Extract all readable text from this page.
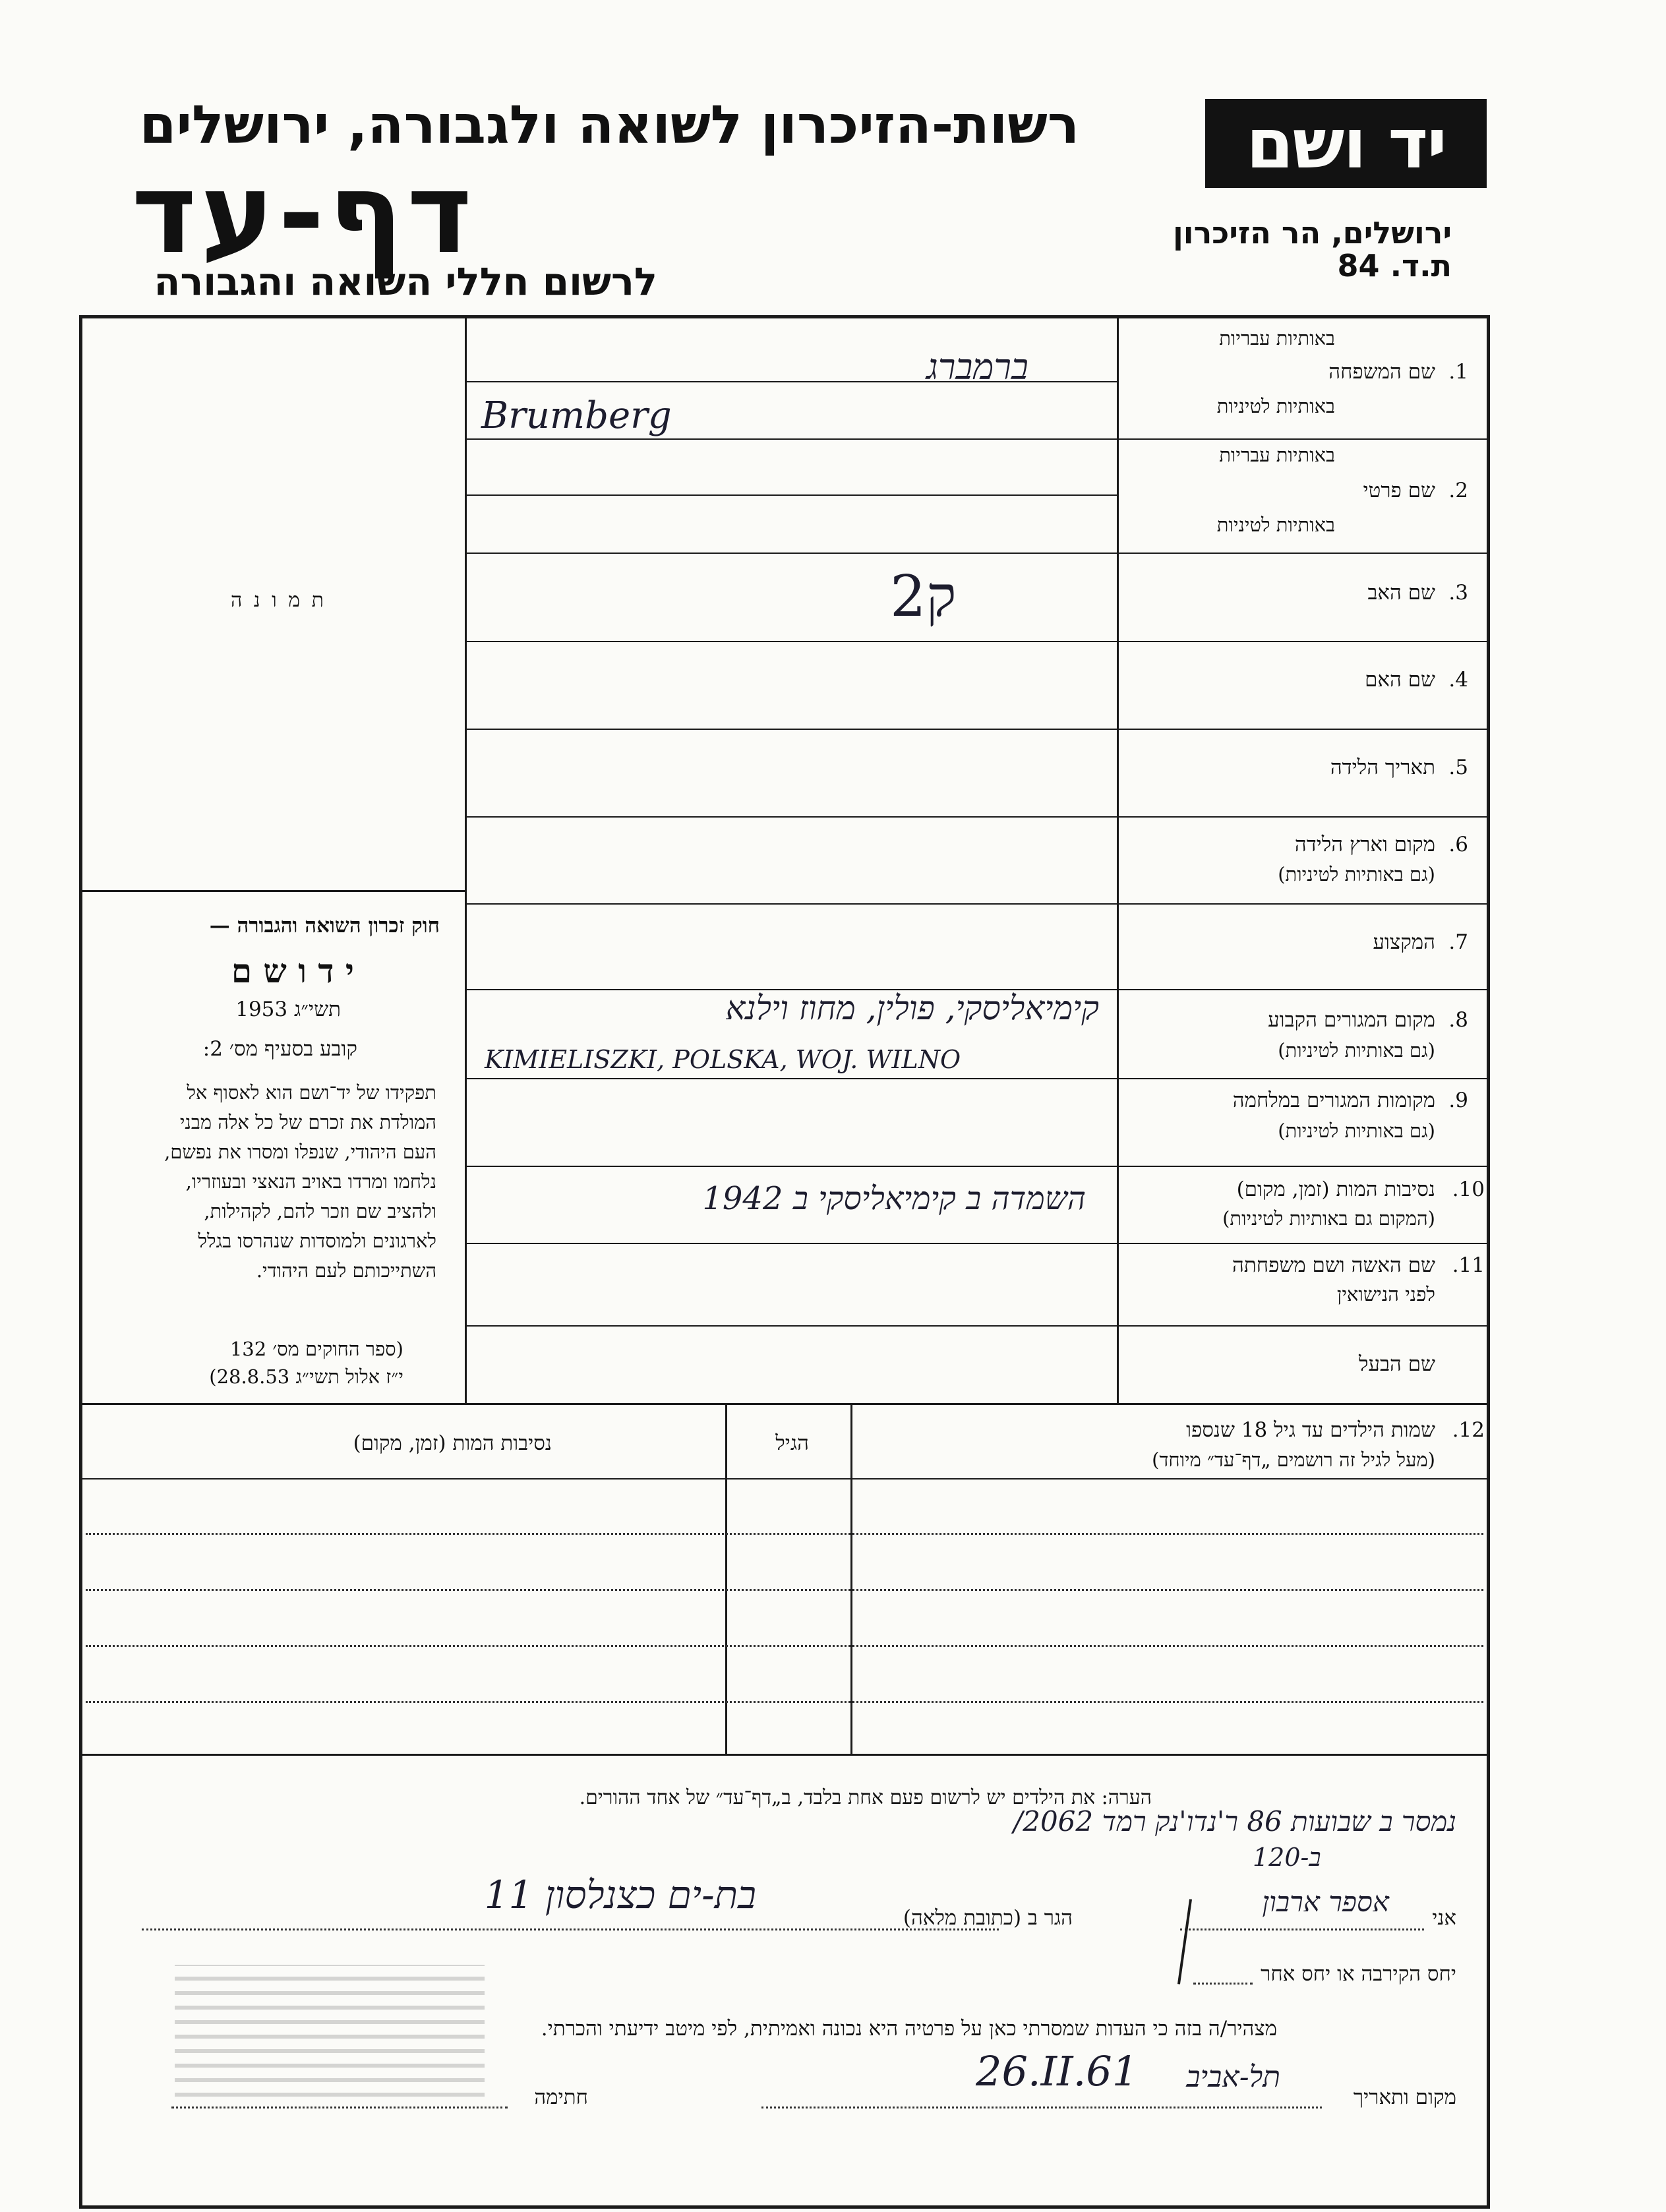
יד ושם
רשות-הזיכרון לשואה ולגבורה, ירושלים
דף-עד
לרשום חללי השואה והגבורה
ירושלים, הר הזיכרון
ת.ד. 84
ת מ ו נ ה
באותיות עבריות
1.
שם המשפחה
באותיות לטיניות
ברמברג
Brumberg
באותיות עבריות
2.
שם פרטי
באותיות לטיניות
3.
שם האב
2ק
4.
שם האם
5.
תאריך הלידה
6.
מקום וארץ הלידה
(גם באותיות לטיניות)
7.
המקצוע
8.
מקום המגורים הקבוע
(גם באותיות לטיניות)
קימיאליסקי, פולין, מחוז וילנא
KIMIELISZKI, POLSKA, WOJ. WILNO
9.
מקומות המגורים במלחמה
(גם באותיות לטיניות)
10.
נסיבות המות (זמן, מקום)
(המקום גם באותיות לטיניות)
השמדה ב קימיאליסקי ב 1942
11.
שם האשה ושם משפחתה
לפני הנישואין
שם הבעל
חוק זכרון השואה והגבורה —
י ד ו ש ם
תשי״ג 1953
קובע בסעיף מס׳ 2:
תפקידו של יד־ושם הוא לאסוף אל
המולדת את זכרם של כל אלה מבני
העם היהודי, שנפלו ומסרו את נפשם,
נלחמו ומרדו באויב הנאצי ובעוזריו,
ולהציב שם וזכר להם, לקהילות,
לארגונים ולמוסדות שנהרסו בגלל
השתייכותם לעם היהודי.
(ספר החוקים מס׳ 132
י״ז אלול תשי״ג 28.8.53)
12.
שמות הילדים עד גיל 18 שנספו
(מעל לגיל זה רושמים „דף־עד״ מיוחד)
הגיל
נסיבות המות (זמן, מקום)
הערה: את הילדים יש לרשום פעם אחת בלבד, ב„דף־עד״ של אחד ההורים.
נמסר ב שבועות 86 ר'נדו'נק רמד 2062/
120-ב
אני
אספר ארבון
הגר ב (כתובת מלאה)
בת-ים כצנלסון 11
יחס הקירבה או יחס אחר
מצהיר/ה בזה כי העדות שמסרתי כאן על פרטיה היא נכונה ואמיתית, לפי מיטב ידיעתי והכרתי.
מקום ותאריך
תל-אביב
26.II.61
חתימה
